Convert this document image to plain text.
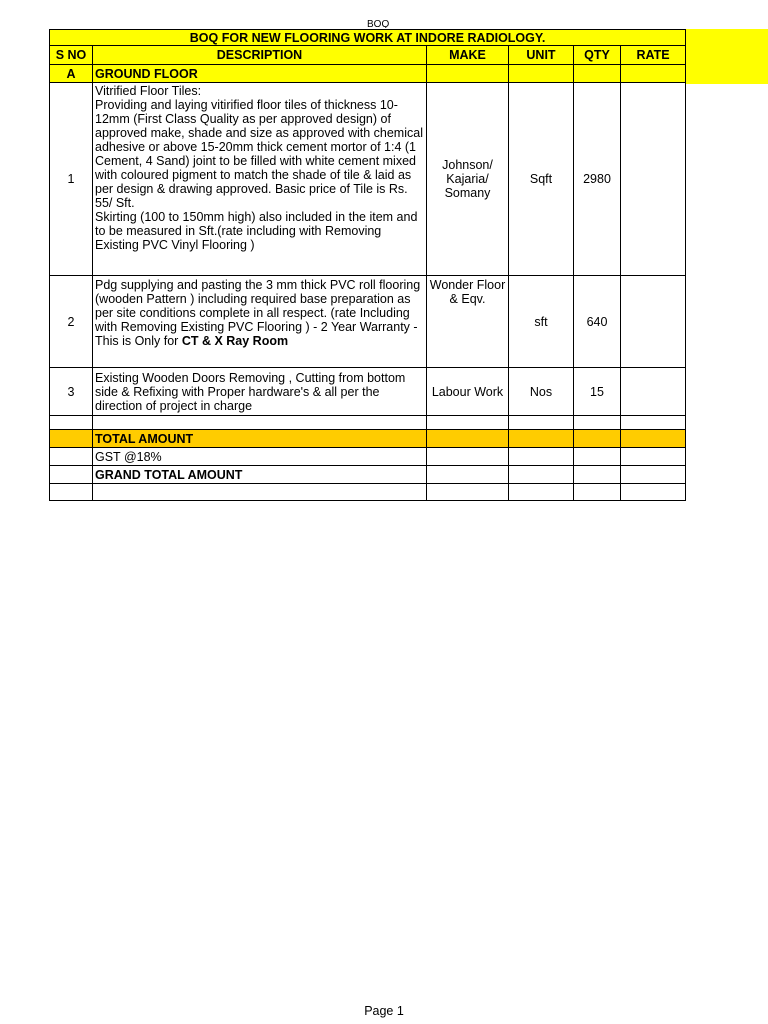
BOQ
BOQ FOR NEW FLOORING WORK AT INDORE RADIOLOGY.					
S NO	DESCRIPTION	MAKE	UNIT	QTY	RATE
A	GROUND FLOOR				
1	Vitrified Floor Tiles:

Providing and laying vitirified floor tiles of thickness 10-12mm (First Class Quality as per approved design) of approved make, shade and size as approved with chemical adhesive or above 15-20mm thick cement mortor of 1:4 (1 Cement, 4 Sand) joint to be filled with white cement mixed with coloured pigment to match the shade of tile & laid as per design & drawing approved. Basic price of Tile is Rs. 55/ Sft.

Skirting (100 to 150mm high) also included in the item and to be measured in Sft.(rate including with Removing Existing PVC Vinyl Flooring )	Johnson/ Kajaria/ Somany	Sqft	2980	
2	Pdg supplying and pasting the 3 mm thick PVC roll flooring (wooden Pattern ) including required base preparation as per site conditions complete in all respect. (rate Including with Removing Existing PVC Flooring ) - 2 Year Warranty - This is Only for CT & X Ray Room	Wonder Floor & Eqv.	sft	640	
3	Existing Wooden Doors Removing , Cutting from bottom side & Refixing with Proper hardware's & all per the direction of project in charge	Labour Work	Nos	15	

	TOTAL AMOUNT				
	GST @18%				
	GRAND TOTAL AMOUNT				

Page 1
